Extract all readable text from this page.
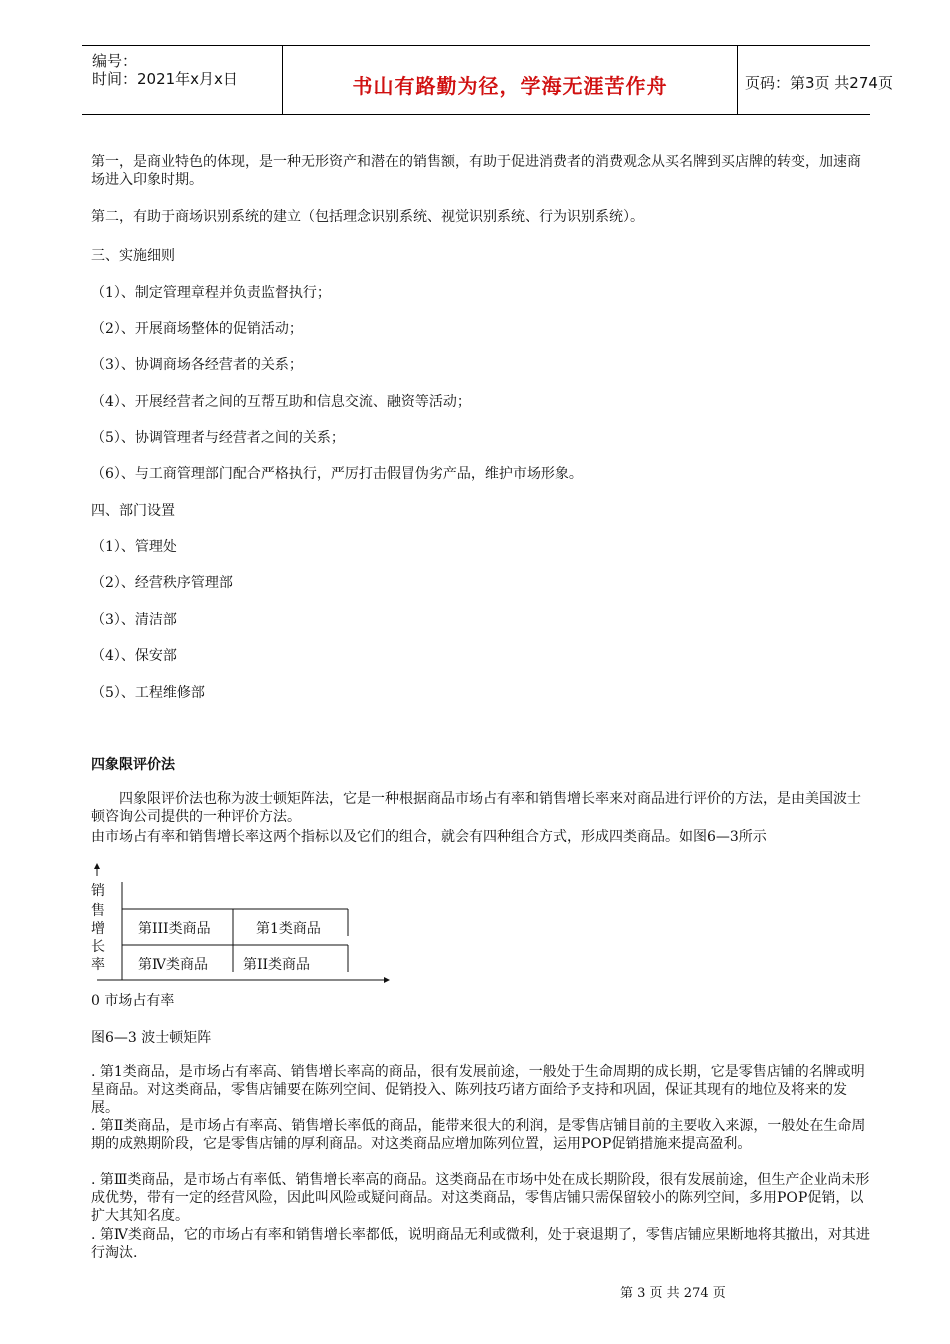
编号：
时间：2021年x月x日	书山有路勤为径，学海无涯苦作舟	页码：第3页 共274页
第一，是商业特色的体现，是一种无形资产和潜在的销售额，有助于促进消费者的消费观念从买名牌到买店牌的转变，加速商场进入印象时期。
第二，有助于商场识别系统的建立（包括理念识别系统、视觉识别系统、行为识别系统）。
三、实施细则
（1）、制定管理章程并负责监督执行；
（2）、开展商场整体的促销活动；
（3）、协调商场各经营者的关系；
（4）、开展经营者之间的互帮互助和信息交流、融资等活动；
（5）、协调管理者与经营者之间的关系；
（6）、与工商管理部门配合严格执行，严厉打击假冒伪劣产品，维护市场形象。
四、部门设置
（1）、管理处
（2）、经营秩序管理部
（3）、清洁部
（4）、保安部
（5）、工程维修部
四象限评价法
四象限评价法也称为波士顿矩阵法，它是一种根据商品市场占有率和销售增长率来对商品进行评价的方法，是由美国波士顿咨询公司提供的一种评价方法。
由市场占有率和销售增长率这两个指标以及它们的组合，就会有四种组合方式，形成四类商品。如图6—3所示
销
售
增
长
率
第III类商品	第1类商品
第Ⅳ类商品	第II类商品
0 市场占有率
图6—3 波士顿矩阵
. 第1类商品，是市场占有率高、销售增长率高的商品，很有发展前途，一般处于生命周期的成长期，它是零售店铺的名牌或明星商品。对这类商品，零售店铺要在陈列空间、促销投入、陈列技巧诸方面给予支持和巩固，保证其现有的地位及将来的发展。
. 第Ⅱ类商品，是市场占有率高、销售增长率低的商品，能带来很大的利润，是零售店铺目前的主要收入来源，一般处在生命周期的成熟期阶段，它是零售店铺的厚利商品。对这类商品应增加陈列位置，运用POP促销措施来提高盈利。
. 第Ⅲ类商品，是市场占有率低、销售增长率高的商品。这类商品在市场中处在成长期阶段，很有发展前途，但生产企业尚未形成优势，带有一定的经营风险，因此叫风险或疑问商品。对这类商品，零售店铺只需保留较小的陈列空间，多用POP促销，以扩大其知名度。
. 第Ⅳ类商品，它的市场占有率和销售增长率都低，说明商品无利或微利，处于衰退期了，零售店铺应果断地将其撤出，对其进行淘汰.
第 3 页 共 274 页
